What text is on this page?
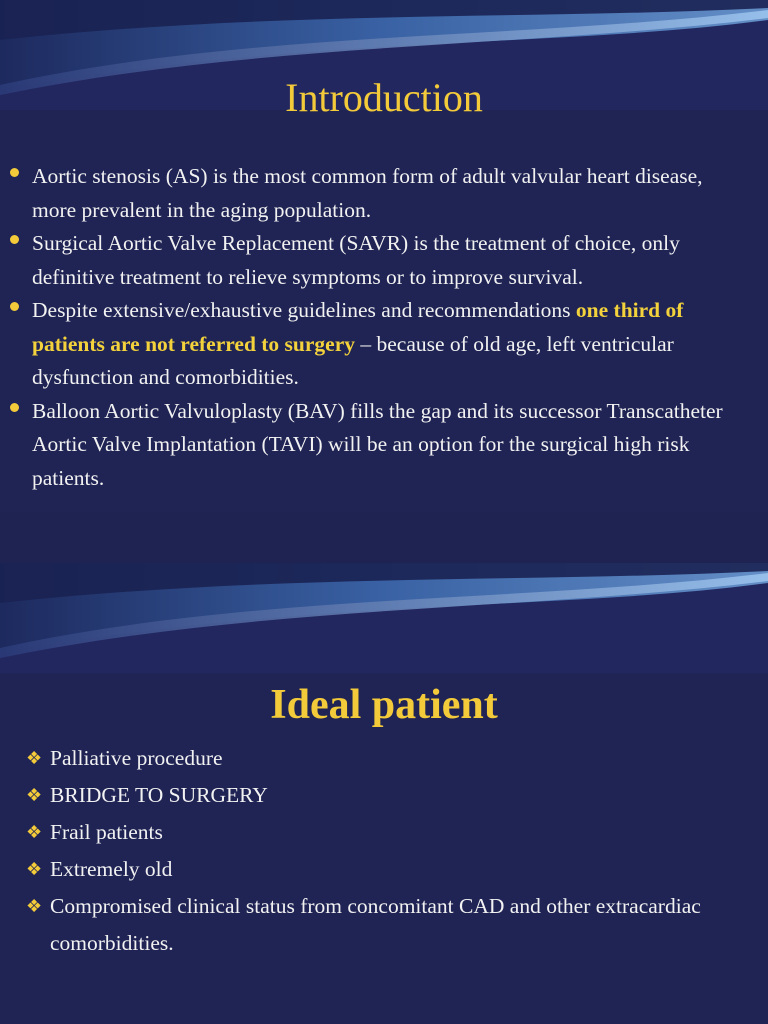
Introduction
Aortic stenosis (AS) is the most common form of adult valvular heart disease, more prevalent in the aging population.
Surgical Aortic Valve Replacement (SAVR) is the treatment of choice, only definitive treatment to relieve symptoms or to improve survival.
Despite extensive/exhaustive guidelines and recommendations one third of patients are not referred to surgery – because of old age, left ventricular dysfunction and comorbidities.
Balloon Aortic Valvuloplasty (BAV) fills the gap and its successor Transcatheter Aortic Valve Implantation (TAVI) will be an option for the surgical high risk patients.
Ideal patient
❖ Palliative procedure
❖ BRIDGE TO SURGERY
❖ Frail patients
❖ Extremely old
❖ Compromised clinical status from concomitant CAD and other extracardiac comorbidities.
